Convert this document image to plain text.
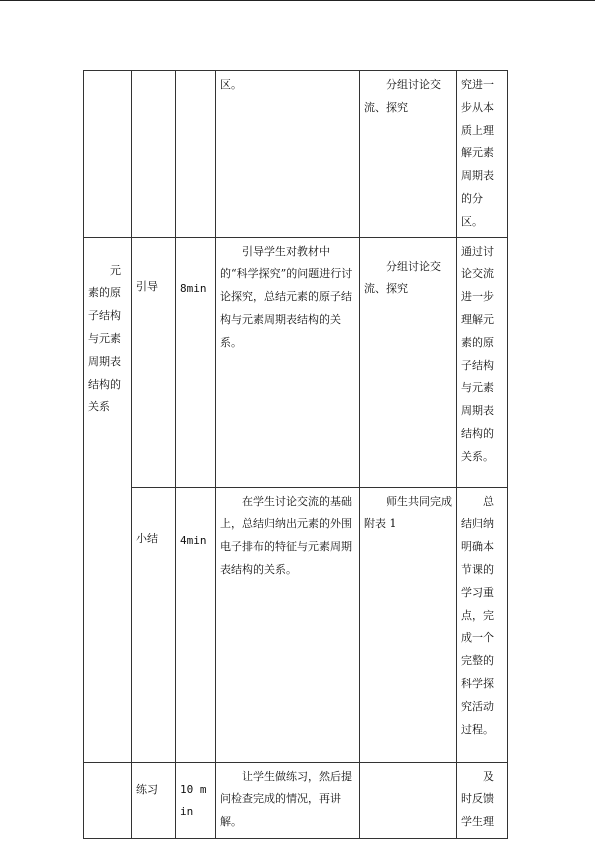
			区。	分组讨论交流、探究	究进一步从本质上理解元素周期表的分区。
元素的原子结构与元素周期表结构的关系	引导	8min	引导学生对教材中的“科学探究”的问题进行讨论探究，总结元素的原子结构与元素周期表结构的关系。	分组讨论交流、探究	通过讨论交流进一步理解元素的原子结构与元素周期表结构的关系。
	小结	4min	在学生讨论交流的基础上，总结归纳出元素的外围电子排布的特征与元素周期表结构的关系。	师生共同完成附表 1	总结归纳明确本节课的学习重点，完成一个完整的科学探究活动过程。
	练习	10 min	让学生做练习，然后提问检查完成的情况，再讲解。		及时反馈学生理
